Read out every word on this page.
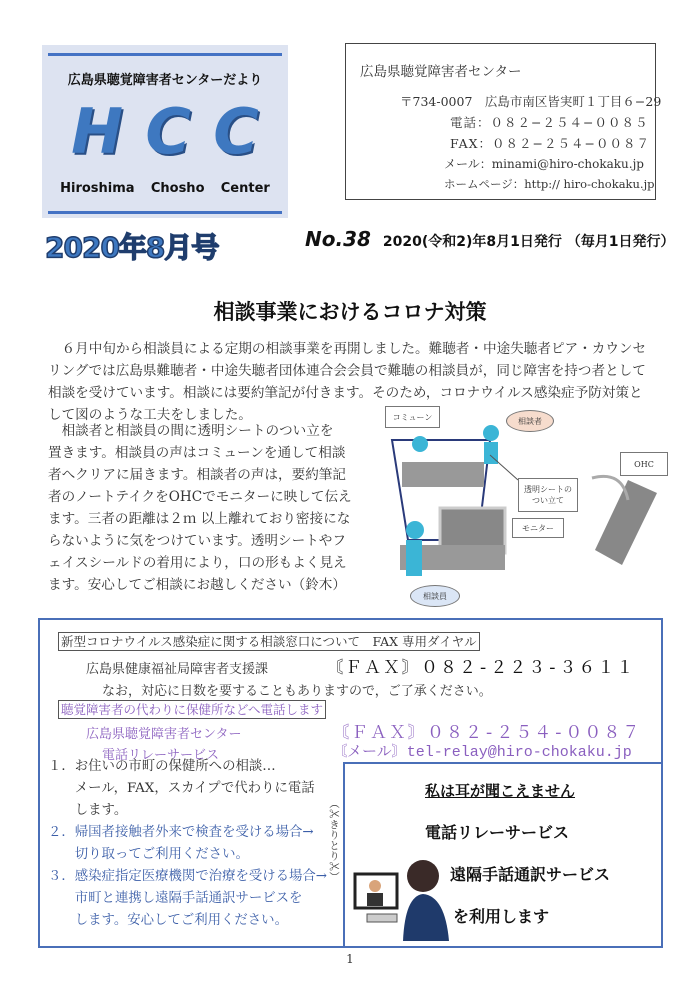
広島県聴覚障害者センターだより
H C C
Hiroshima Chosho Center
2020年8月号
広島県聴覚障害者センター
〒734-0007　広島市南区皆実町１丁目６−29
電話：０８２−２５４−００８５
FAX：０８２−２５４−００８７
メール：minami@hiro-chokaku.jp
ホームページ：http:// hiro-chokaku.jp
No.38 2020(令和2)年8月1日発行 （毎月1日発行）
相談事業におけるコロナ対策
　６月中旬から相談員による定期の相談事業を再開しました。難聴者・中途失聴者ピア・カウンセ
リングでは広島県難聴者・中途失聴者団体連合会会員で難聴の相談員が，同じ障害を持つ者として
相談を受けています。相談には要約筆記が付きます。そのため，コロナウイルス感染症予防対策と
して図のような工夫をしました。
　相談者と相談員の間に透明シートのつい立を
置きます。相談員の声はコミューンを通して相談
者へクリアに届きます。相談者の声は，要約筆記
者のノートテイクをOHCでモニターに映して伝え
ます。三者の距離は２ｍ 以上離れており密接にな
らないように気をつけています。透明シートやフ
ェイスシールドの着用により，口の形もよく見え
ます。安心してご相談にお越しください（鈴木）
コミューン	相談者
透明シートの
つい立て
モニター
OHC
相談員
新型コロナウイルス感染症に関する相談窓口について　FAX 専用ダイヤル
広島県健康福祉局障害者支援課	〘ＦＡＸ〙０８２-２２３-３６１１
なお，対応に日数を要することもありますので，ご了承ください。
聴覚障害者の代わりに保健所などへ電話します
広島県聴覚障害者センター	〘ＦＡＸ〙０８２-２５４-００８７
電話リレーサービス	〘メール〙tel-relay@hiro-chokaku.jp
１．お住いの市町の保健所への相談…
　　メール，FAX，スカイプで代わりに電話
　　します。
２．帰国者接触者外来で検査を受ける場合→
　　切り取ってご利用ください。
３．感染症指定医療機関で治療を受ける場合→
　　市町と連携し遠隔手話通訳サービスを
　　します。安心してご利用ください。
（✂きりとり✂）
私は耳が聞こえません
電話リレーサービス
遠隔手話通訳サービス
を利用します
1
